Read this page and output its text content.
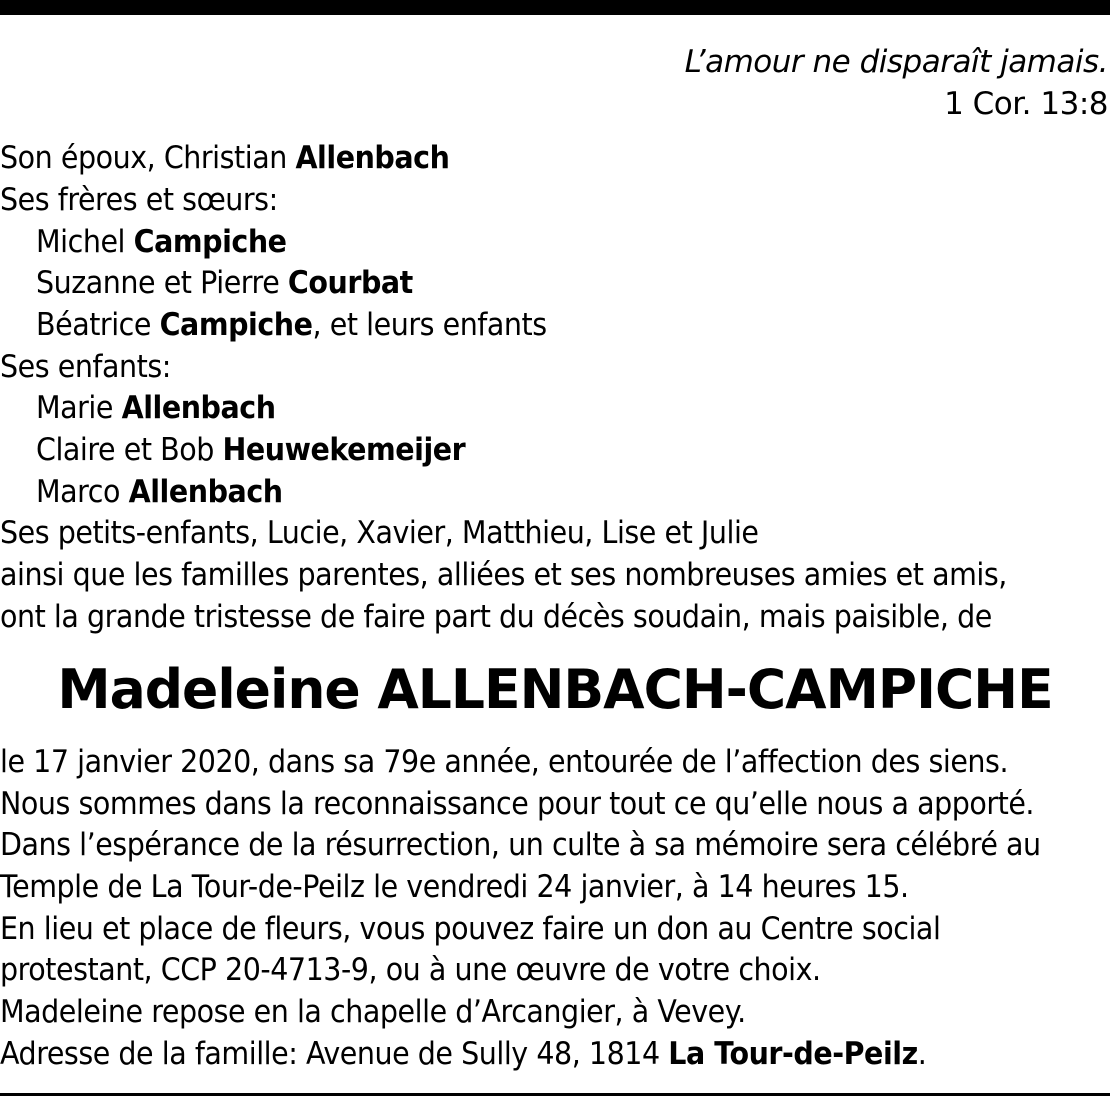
L’amour ne disparaît jamais.
1 Cor. 13:8
Son époux, Christian Allenbach
Ses frères et sœurs:
Michel Campiche
Suzanne et Pierre Courbat
Béatrice Campiche, et leurs enfants
Ses enfants:
Marie Allenbach
Claire et Bob Heuwekemeijer
Marco Allenbach
Ses petits-enfants, Lucie, Xavier, Matthieu, Lise et Julie
ainsi que les familles parentes, alliées et ses nombreuses amies et amis,
ont la grande tristesse de faire part du décès soudain, mais paisible, de
Madeleine ALLENBACH-CAMPICHE
le 17 janvier 2020, dans sa 79e année, entourée de l’affection des siens.
Nous sommes dans la reconnaissance pour tout ce qu’elle nous a apporté.
Dans l’espérance de la résurrection, un culte à sa mémoire sera célébré au
Temple de La Tour-de-Peilz le vendredi 24 janvier, à 14 heures 15.
En lieu et place de fleurs, vous pouvez faire un don au Centre social
protestant, CCP 20-4713-9, ou à une œuvre de votre choix.
Madeleine repose en la chapelle d’Arcangier, à Vevey.
Adresse de la famille: Avenue de Sully 48, 1814 La Tour-de-Peilz.
